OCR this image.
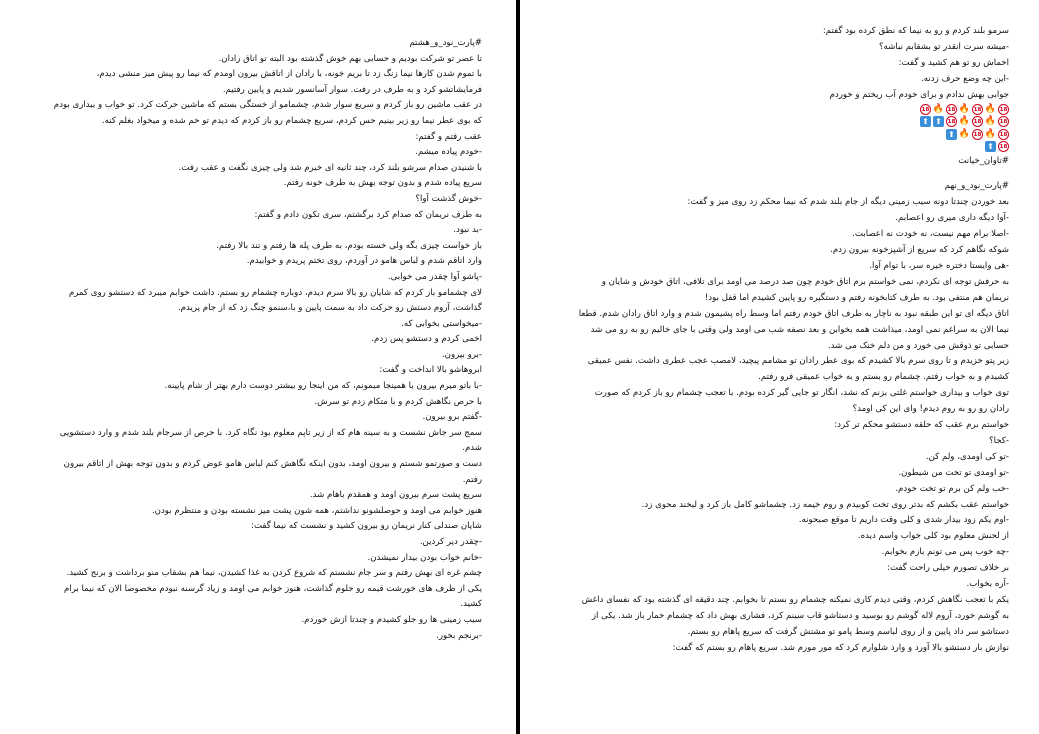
#پارت_نود_و_هشتم
تا عصر تو شرکت بودیم و حسابی بهم خوش گذشته بود البته تو اتاق رادان.
با تموم شدن کارها نیما زنگ زد تا بریم خونه، با رادان از اتاقش بیرون اومدم که نیما رو پیش میز منشی دیدم،
فرمایشاتشو کرد و به طرف در رفت. سوار آسانسور شدیم و پایین رفتیم.
در عقب ماشین رو باز کردم و سریع سوار شدم، چشمامو از خستگی بستم که ماشین حرکت کرد. تو خواب و بیداری بودم
که بوی عطر نیما رو زیر بینیم حس کردم، سریع چشمام رو باز کردم که دیدم تو خم شده و میخواد بغلم کنه.
عقب رفتم و گفتم:
-خودم پیاده میشم.
با شنیدن صدام سرشو بلند کرد، چند ثانیه ای خیرم شد ولی چیزی نگفت و عقب رفت.
سریع پیاده شدم و بدون توجه بهش به طرف خونه رفتم.
-خوش گذشت آوا؟
به طرف نریمان که صدام کرد برگشتم، سری تکون دادم و گفتم:
-بد نبود.
باز خواست چیزی بگه ولی خسته بودم، به طرف پله ها رفتم و تند بالا رفتم.
وارد اتاقم شدم و لباس هامو در آوردم، روی تختم پریدم و خوابیدم.
-پاشو آوا چقدر می خوابی.
لای چشمامو باز کردم که شایان رو بالا سرم دیدم، دوباره چشمام رو بستم. داشت خوابم میبرد که دستشو روی کمرم
گذاشت، آروم دستش رو حرکت داد به سمت پایین و با،سنمو چنگ زد که از جام پریدم.
-میخواستی بخوابی که.
اخمی کردم و دستشو پس زدم.
-برو بیرون.
ابروهاشو بالا انداخت و گفت:
-با باتو میرم بیرون یا همینجا میمونم، که من اینجا رو بیشتر دوست دارم بهتر از شام پایینه.
با حرص نگاهش کردم و با متکام زدم تو سرش.
-گفتم برو بیرون.
سمج سر جاش نشست و به سینه هام که از زیر تاپم معلوم بود نگاه کرد. با حرص از سرجام بلند شدم و وارد دستشویی
شدم.
دست و صورتمو شستم و بیرون اومد، بدون اینکه نگاهش کنم لباس هامو عوض کردم و بدون توجه بهش از اتاقم بیرون
رفتم.
سریع پشت سرم بیرون اومد و همقدم باهام شد.
هنوز خوابم می اومد و حوصلشونو نداشتم، همه شون پشت میز نشسته بودن و منتظرم بودن.
شایان صندلی کنار نریمان رو بیرون کشید و نشست که نیما گفت:
-چقدر دیر کردین.
-خانم خواب بودن بیدار نمیشدن.
چشم غره ای بهش رفتم و سر جام نشستم که شروع کردن به غذا کشیدن، نیما هم بشقاب منو برداشت و برنج کشید.
یکی از ظرف های خورشت قیمه رو جلوم گذاشت، هنوز خوابم می اومد و زیاد گرسنه نبودم مخصوصا الان که نیما برام
کشید.
سیب زمینی ها رو جلو کشیدم و چندتا ازش خوردم.
-برنجم بخور.
سرمو بلند کردم و رو به نیما که نطق کرده بود گفتم:
-میشه سرت انقدر تو بشقابم نباشه؟
اخماش رو تو هم کشید و گفت:
-این چه وضع حرف زدنه.
جوابی بهش ندادم و برای خودم آب ریختم و خوردم
18🔥18🔥18🔥18
18🔥18🔥18⬆⬆
18🔥18🔥⬆
18⬆
#تاوان_خیانت
#پارت_نود_و_نهم
بعد خوردن چندتا دونه سیب زمینی دیگه از جام بلند شدم که نیما محکم زد روی میز و گفت:
-آوا دیگه داری میری رو اعصابم.
-اصلا برام مهم نیست، نه خودت نه اعصابت.
شوکه نگاهم کرد که سریع از آشپزخونه بیرون زدم.
-هی وایستا دختره خیره سر، با توام آوا.
به حرفش توجه ای نکردم، نمی خواستم برم اتاق خودم چون صد درصد می اومد برای تلافی، اتاق خودش و شایان و
نریمان هم منتفی بود. به طرف کتابخونه رفتم و دستگیره رو پایین کشیدم اما قفل بود!
اتاق دیگه ای تو این طبقه نبود به ناچار به طرف اتاق خودم رفتم اما وسط راه پشیمون شدم و وارد اتاق رادان شدم. قطعا
نیما الان به سراغم نمی اومد، میذاشت همه بخوابن و بعد نصفه شب می اومد ولی وقتی با جای خالیم رو به رو می شد
حسابی تو ذوقش می خورد و من دلم خنک می شد.
زیر پتو خزیدم و تا روی سرم بالا کشیدم که بوی عطر رادان تو مشامم پیچید، لامصب عجب عطری داشت. نفس عمیقی
کشیدم و به خواب رفتم. چشمام رو بستم و به خواب عمیقی فرو رفتم.
توی خواب و بیداری خواستم غلتی بزنم که نشد، انگار تو جایی گیر کرده بودم. با تعجب چشمام رو باز کردم که صورت
رادان رو رو به روم دیدم! وای این کی اومد؟
خواستم برم عقب که حلقه دستشو محکم تر کرد:
-کجا؟
-تو کی اومدی، ولم کن.
-تو اومدی تو تخت من شیطون.
-خب ولم کن برم تو تخت خودم.
خواستم عقب بکشم که بدتر روی تخت کوبیدم و روم خیمه زد. چشماشو کامل باز کرد و لبخند محوی زد.
-اوم یکم زود بیدار شدی و کلی وقت داریم تا موقع صبحونه.
از لحنش معلوم بود کلی خواب واسم دیده.
-چه خوب پس می تونم بازم بخوابم.
بر خلاف تصورم خیلی راحت گفت:
-آره بخواب.
یکم با تعجب نگاهش کردم، وقتی دیدم کاری نمیکنه چشمام رو بستم تا بخوابم. چند دقیقه ای گذشته بود که نفسای داغش
به گوشم خورد، آروم لاله گوشم رو بوسید و دستاشو قاب سینم کرد، فشاری بهش داد که چشمام خمار باز شد. یکی از
دستاشو سر داد پایین و از روی لباسم وسط پامو تو مشتش گرفت که سریع پاهام رو بستم.
نوازش بار دستشو بالا آورد و وارد شلوارم کرد که مور مورم شد. سریع پاهام رو بستم که گفت:
